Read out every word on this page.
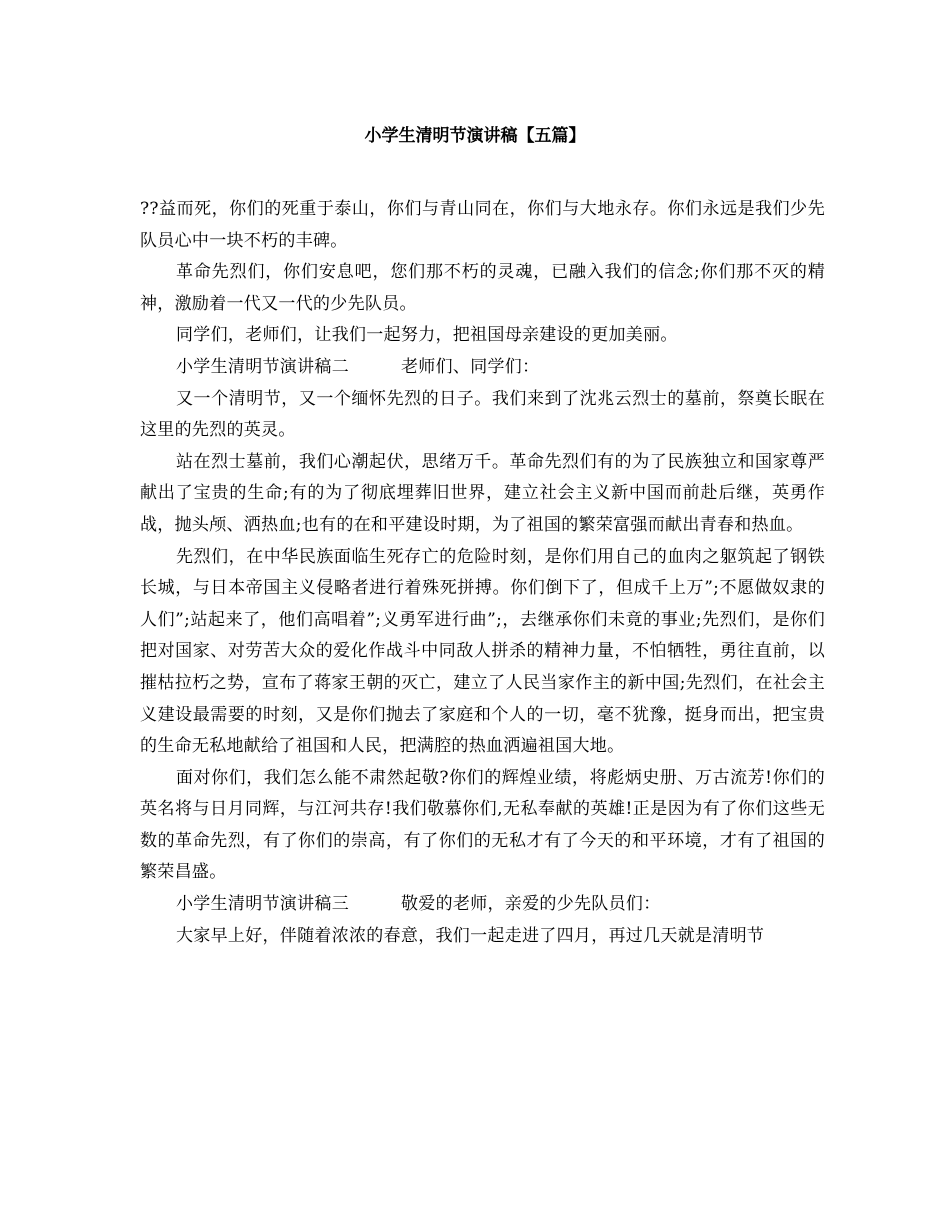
小学生清明节演讲稿【五篇】

??益而死，你们的死重于泰山，你们与青山同在，你们与大地永存。你们永远是我们少先队员心中一块不朽的丰碑。

革命先烈们，你们安息吧，您们那不朽的灵魂，已融入我们的信念;你们那不灭的精神，激励着一代又一代的少先队员。

同学们，老师们，让我们一起努力，把祖国母亲建设的更加美丽。

小学生清明节演讲稿二	老师们、同学们：

又一个清明节，又一个缅怀先烈的日子。我们来到了沈兆云烈士的墓前，祭奠长眠在这里的先烈的英灵。

站在烈士墓前，我们心潮起伏，思绪万千。革命先烈们有的为了民族独立和国家尊严献出了宝贵的生命;有的为了彻底埋葬旧世界，建立社会主义新中国而前赴后继，英勇作战，抛头颅、洒热血;也有的在和平建设时期，为了祖国的繁荣富强而献出青春和热血。

先烈们，在中华民族面临生死存亡的危险时刻，是你们用自己的血肉之躯筑起了钢铁长城，与日本帝国主义侵略者进行着殊死拼搏。你们倒下了，但成千上万”;不愿做奴隶的人们”;站起来了，他们高唱着”;义勇军进行曲”;，去继承你们未竟的事业;先烈们，是你们把对国家、对劳苦大众的爱化作战斗中同敌人拼杀的精神力量，不怕牺牲，勇往直前，以摧枯拉朽之势，宣布了蒋家王朝的灭亡，建立了人民当家作主的新中国;先烈们，在社会主义建设最需要的时刻，又是你们抛去了家庭和个人的一切，毫不犹豫，挺身而出，把宝贵的生命无私地献给了祖国和人民，把满腔的热血洒遍祖国大地。

面对你们，我们怎么能不肃然起敬?你们的辉煌业绩，将彪炳史册、万古流芳!你们的英名将与日月同辉，与江河共存!我们敬慕你们,无私奉献的英雄!正是因为有了你们这些无数的革命先烈，有了你们的崇高，有了你们的无私才有了今天的和平环境，才有了祖国的繁荣昌盛。

小学生清明节演讲稿三	敬爱的老师，亲爱的少先队员们：

大家早上好，伴随着浓浓的春意，我们一起走进了四月，再过几天就是清明节
